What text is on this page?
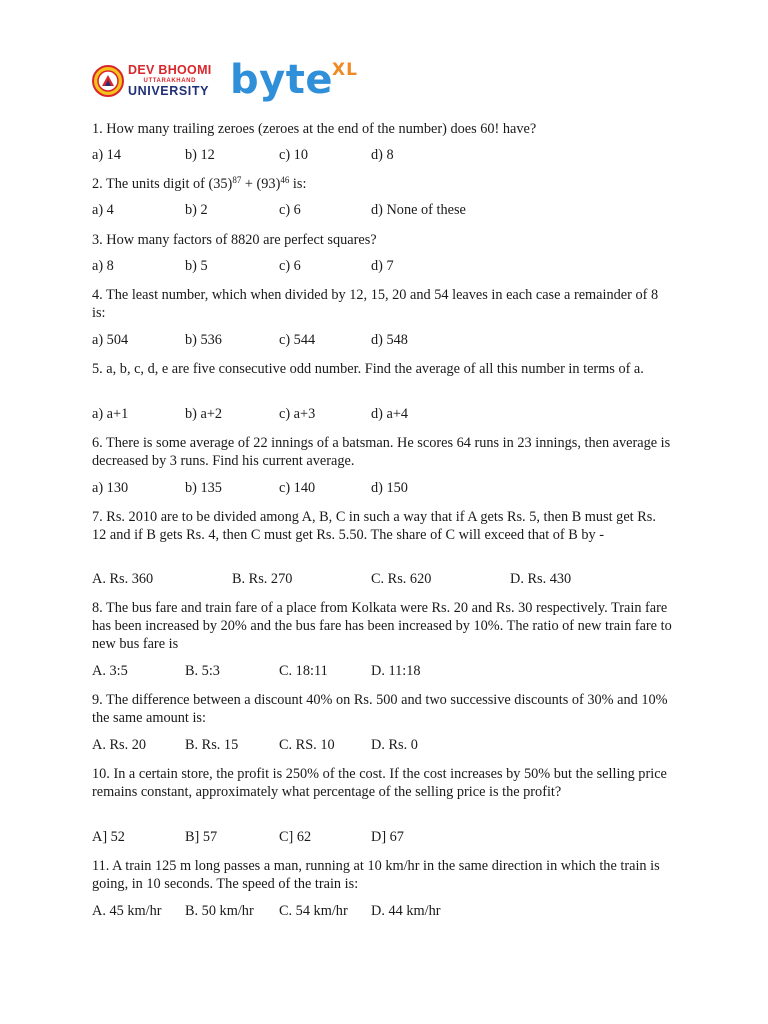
DEV BHOOMI
UTTARAKHAND
UNIVERSITY byte XL
1. How many trailing zeroes (zeroes at the end of the number) does 60! have?
a) 14	b) 12	c) 10	d) 8
2. The units digit of $(35)^{87} + (93)^{46}$ is:
a) 4	b) 2	c) 6	d) None of these
3. How many factors of 8820 are perfect squares?
a) 8	b) 5	c) 6	d) 7
4. The least number, which when divided by 12, 15, 20 and 54 leaves in each case a remainder of 8 is:
a) 504	b) 536	c) 544	d) 548
5. a, b, c, d, e are five consecutive odd number. Find the average of all this number in terms of a.
a) a+1	b) a+2	c) a+3	d) a+4
6. There is some average of 22 innings of a batsman. He scores 64 runs in 23 innings, then average is decreased by 3 runs. Find his current average.
a) 130	b) 135	c) 140	d) 150
7. Rs. 2010 are to be divided among A, B, C in such a way that if A gets Rs. 5, then B must get Rs. 12 and if B gets Rs. 4, then C must get Rs. 5.50. The share of C will exceed that of B by -
A. Rs. 360	B. Rs. 270	C. Rs. 620	D. Rs. 430
8. The bus fare and train fare of a place from Kolkata were Rs. 20 and Rs. 30 respectively. Train fare has been increased by 20% and the bus fare has been increased by 10%. The ratio of new train fare to new bus fare is
A. 3:5	B. 5:3	C. 18:11	D. 11:18
9. The difference between a discount 40% on Rs. 500 and two successive discounts of 30% and 10% the same amount is:
A. Rs. 20	B. Rs. 15	C. RS. 10	D. Rs. 0
10. In a certain store, the profit is 250% of the cost. If the cost increases by 50% but the selling price remains constant, approximately what percentage of the selling price is the profit?
A] 52	B] 57	C] 62	D] 67
11. A train 125 m long passes a man, running at 10 km/hr in the same direction in which the train is going, in 10 seconds. The speed of the train is:
A. 45 km/hr B. 50 km/hr C. 54 km/hr D. 44 km/hr
